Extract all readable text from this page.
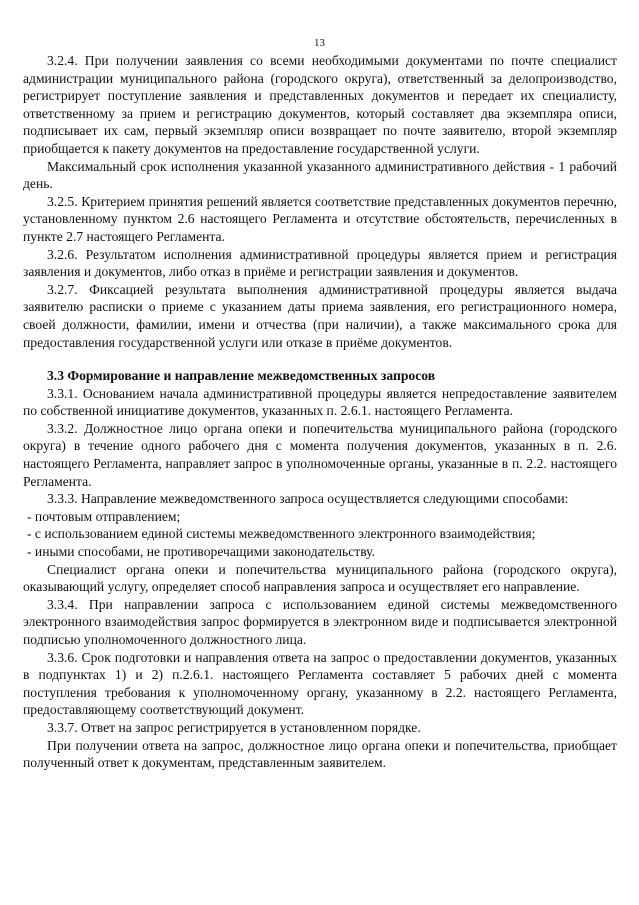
13

3.2.4. При получении заявления со всеми необходимыми документами по почте специалист администрации муниципального района (городского округа), ответственный за делопроизводство, регистрирует поступление заявления и представленных документов и передает их специалисту, ответственному за прием и регистрацию документов, который составляет два экземпляра описи, подписывает их сам, первый экземпляр описи возвращает по почте заявителю, второй экземпляр приобщается к пакету документов на предоставление государственной услуги.

Максимальный срок исполнения указанной указанного административного действия - 1 рабочий день.

3.2.5. Критерием принятия решений является соответствие представленных документов перечню, установленному пунктом 2.6 настоящего Регламента и отсутствие обстоятельств, перечисленных в пункте 2.7 настоящего Регламента.

3.2.6. Результатом исполнения административной процедуры является прием и регистрация заявления и документов, либо отказ в приёме и регистрации заявления и документов.

3.2.7. Фиксацией результата выполнения административной процедуры является выдача заявителю расписки о приеме с указанием даты приема заявления, его регистрационного номера, своей должности, фамилии, имени и отчества (при наличии), а также максимального срока для предоставления государственной услуги или отказе в приёме документов.

3.3 Формирование и направление межведомственных запросов

3.3.1. Основанием начала административной процедуры является непредоставление заявителем по собственной инициативе документов, указанных п. 2.6.1. настоящего Регламента.

3.3.2. Должностное лицо органа опеки и попечительства муниципального района (городского округа) в течение одного рабочего дня с момента получения документов, указанных в п. 2.6. настоящего Регламента, направляет запрос в уполномоченные органы, указанные в п. 2.2. настоящего Регламента.

3.3.3. Направление межведомственного запроса осуществляется следующими способами:

- почтовым отправлением;

- с использованием единой системы межведомственного электронного взаимодействия;

- иными способами, не противоречащими законодательству.

Специалист органа опеки и попечительства муниципального района (городского округа), оказывающий услугу, определяет способ направления запроса и осуществляет его направление.

3.3.4. При направлении запроса с использованием единой системы межведомственного электронного взаимодействия запрос формируется в электронном виде и подписывается электронной подписью уполномоченного должностного лица.

3.3.6. Срок подготовки и направления ответа на запрос о предоставлении документов, указанных в подпунктах 1) и 2) п.2.6.1. настоящего Регламента составляет 5 рабочих дней с момента поступления требования к уполномоченному органу, указанному в 2.2. настоящего Регламента, предоставляющему соответствующий документ.

3.3.7. Ответ на запрос регистрируется в установленном порядке.

При получении ответа на запрос, должностное лицо органа опеки и попечительства, приобщает полученный ответ к документам, представленным заявителем.
